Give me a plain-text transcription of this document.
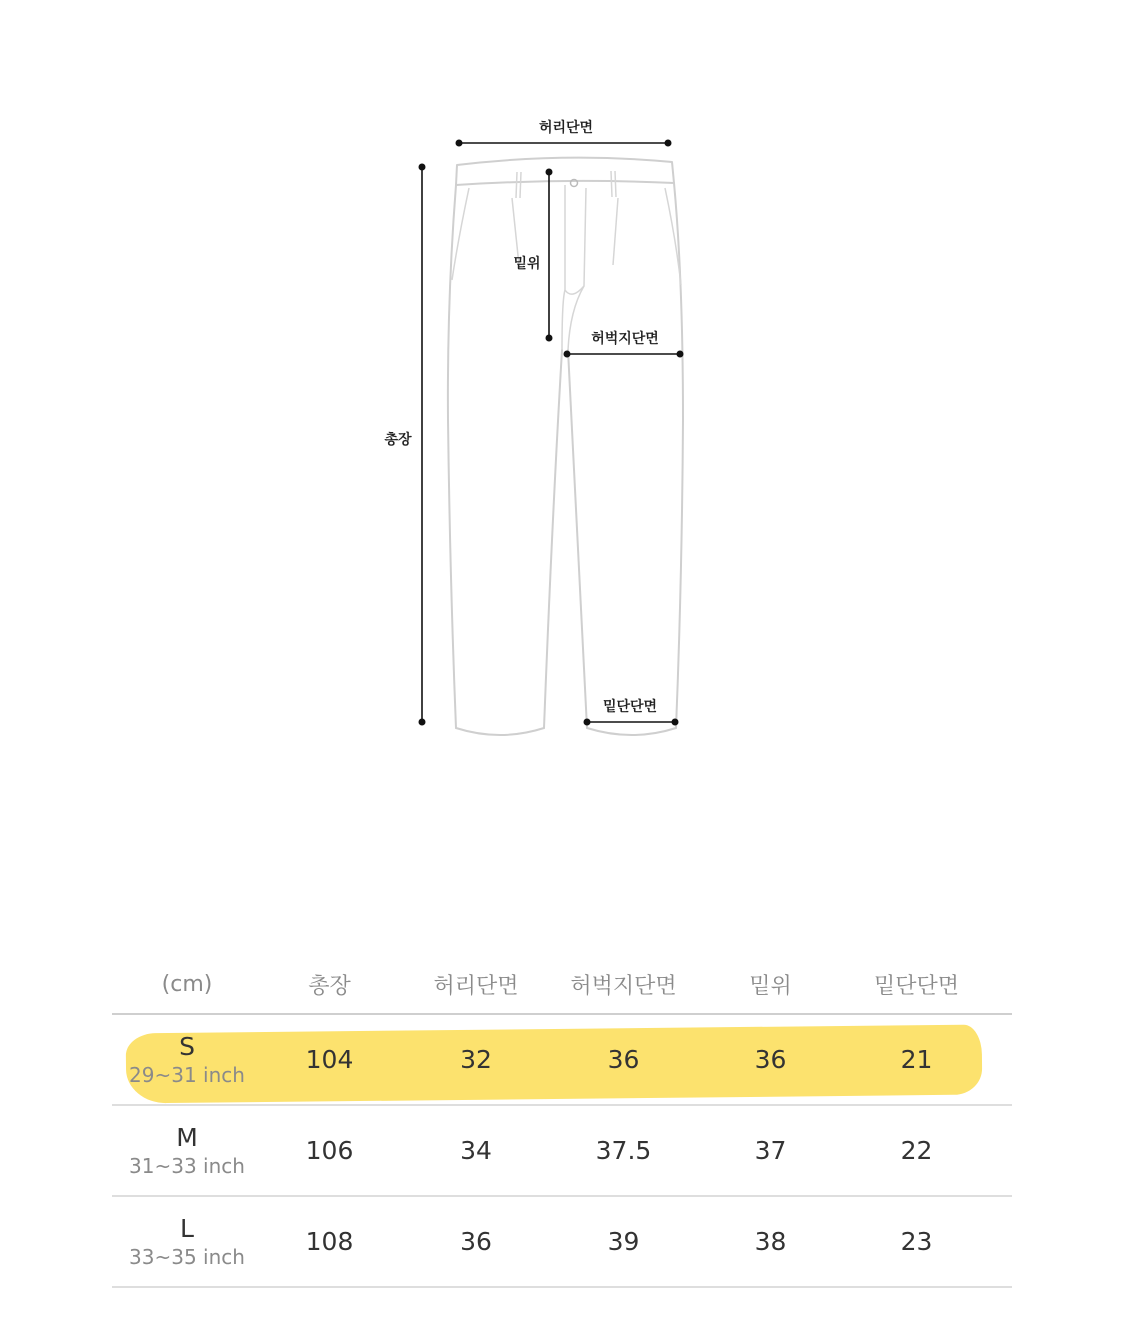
허리단면
밑위
허벅지단면
총장
밑단단면
(cm)	총장	허리단면	허벅지단면	밑위	밑단단면
S
29~31 inch
104	32	36	36	21
M
31~33 inch
106	34	37.5	37	22
L
33~35 inch
108	36	39	38	23
